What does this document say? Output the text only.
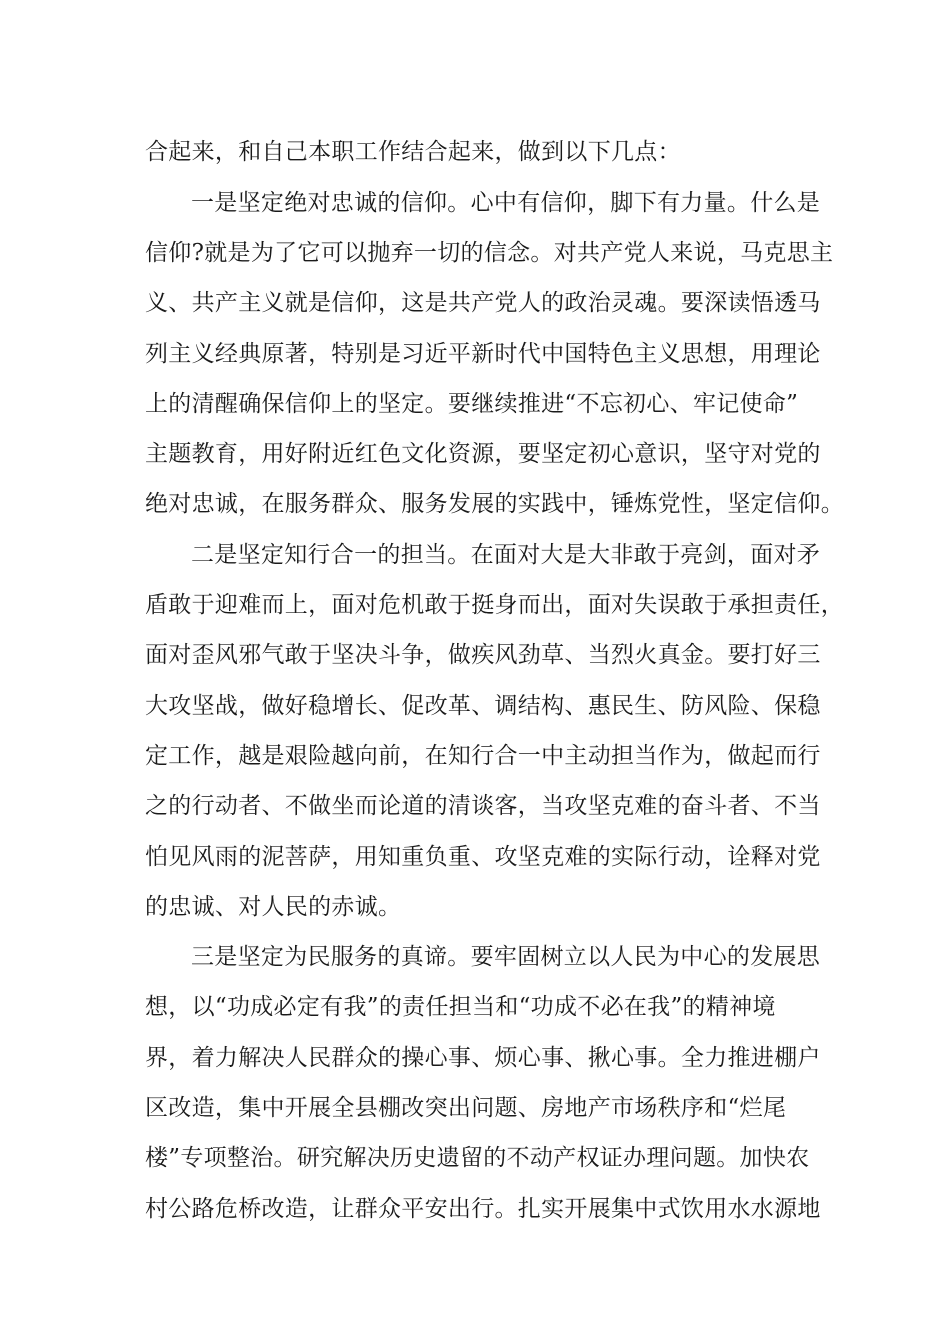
合起来，和自己本职工作结合起来，做到以下几点：
一是坚定绝对忠诚的信仰。心中有信仰，脚下有力量。什么是
信仰?就是为了它可以抛弃一切的信念。对共产党人来说，马克思主
义、共产主义就是信仰，这是共产党人的政治灵魂。要深读悟透马
列主义经典原著，特别是习近平新时代中国特色主义思想，用理论
上的清醒确保信仰上的坚定。要继续推进“不忘初心、牢记使命”
主题教育，用好附近红色文化资源，要坚定初心意识，坚守对党的
绝对忠诚，在服务群众、服务发展的实践中，锤炼党性，坚定信仰。
二是坚定知行合一的担当。在面对大是大非敢于亮剑，面对矛
盾敢于迎难而上，面对危机敢于挺身而出，面对失误敢于承担责任，
面对歪风邪气敢于坚决斗争，做疾风劲草、当烈火真金。要打好三
大攻坚战，做好稳增长、促改革、调结构、惠民生、防风险、保稳
定工作，越是艰险越向前，在知行合一中主动担当作为，做起而行
之的行动者、不做坐而论道的清谈客，当攻坚克难的奋斗者、不当
怕见风雨的泥菩萨，用知重负重、攻坚克难的实际行动，诠释对党
的忠诚、对人民的赤诚。
三是坚定为民服务的真谛。要牢固树立以人民为中心的发展思
想，以“功成必定有我”的责任担当和“功成不必在我”的精神境
界，着力解决人民群众的操心事、烦心事、揪心事。全力推进棚户
区改造，集中开展全县棚改突出问题、房地产市场秩序和“烂尾
楼”专项整治。研究解决历史遗留的不动产权证办理问题。加快农
村公路危桥改造，让群众平安出行。扎实开展集中式饮用水水源地
